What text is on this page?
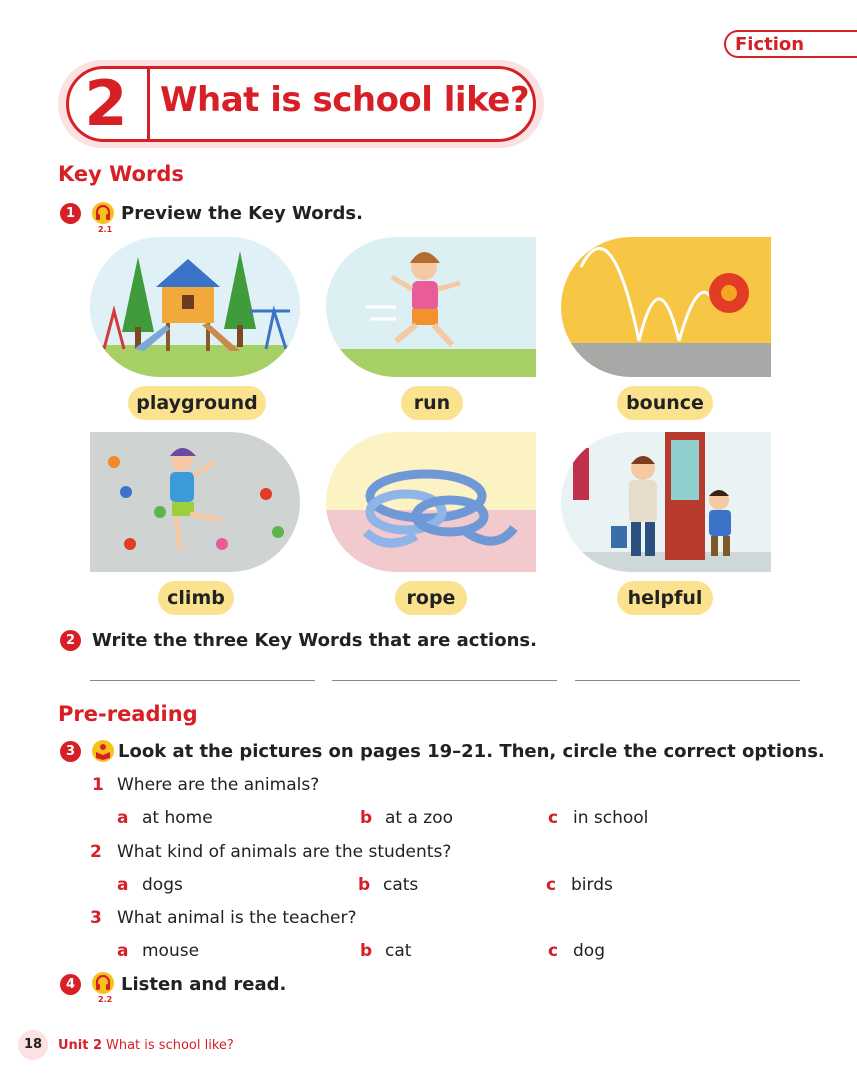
Fiction
2 What is school like?
Key Words
1
2.1
Preview the Key Words.
playground	run	bounce
climb	rope	helpful
2 Write the three Key Words that are actions.
Pre-reading
3	Look at the pictures on pages 19–21. Then, circle the correct options.
1 Where are the animals?
a at home	b at a zoo	c in school
2 What kind of animals are the students?
a dogs	b cats	c birds
3 What animal is the teacher?
a mouse	b cat	c dog
4
2.2
Listen and read.
18	Unit 2 What is school like?
